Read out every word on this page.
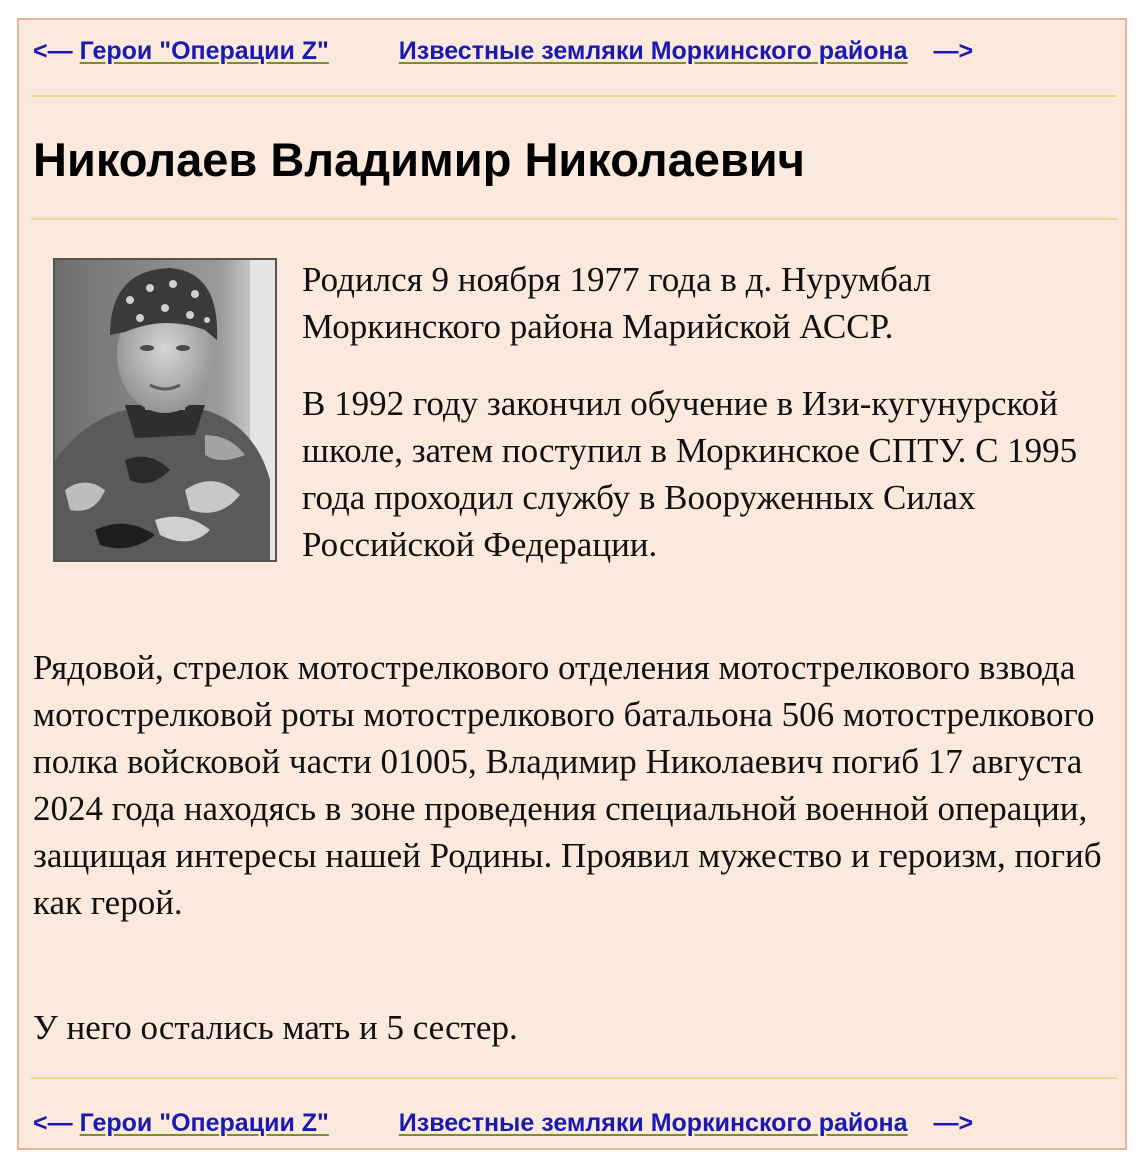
<— Герои "Операции Z"	Известные земляки Моркинского района —>
Николаев Владимир Николаевич

Родился 9 ноября 1977 года в д. Нурумбал Моркинского района Марийской АССР.

В 1992 году закончил обучение в Изи-кугунурской школе, затем поступил в Моркинское СПТУ. С 1995 года проходил службу в Вооруженных Силах Российской Федерации.

Рядовой, стрелок мотострелкового отделения мотострелкового взвода мотострелковой роты мотострелкового батальона 506 мотострелкового полка войсковой части 01005, Владимир Николаевич погиб 17 августа 2024 года находясь в зоне проведения специальной военной операции, защищая интересы нашей Родины. Проявил мужество и героизм, погиб как герой.

У него остались мать и 5 сестер.

<— Герои "Операции Z"	Известные земляки Моркинского района —>
